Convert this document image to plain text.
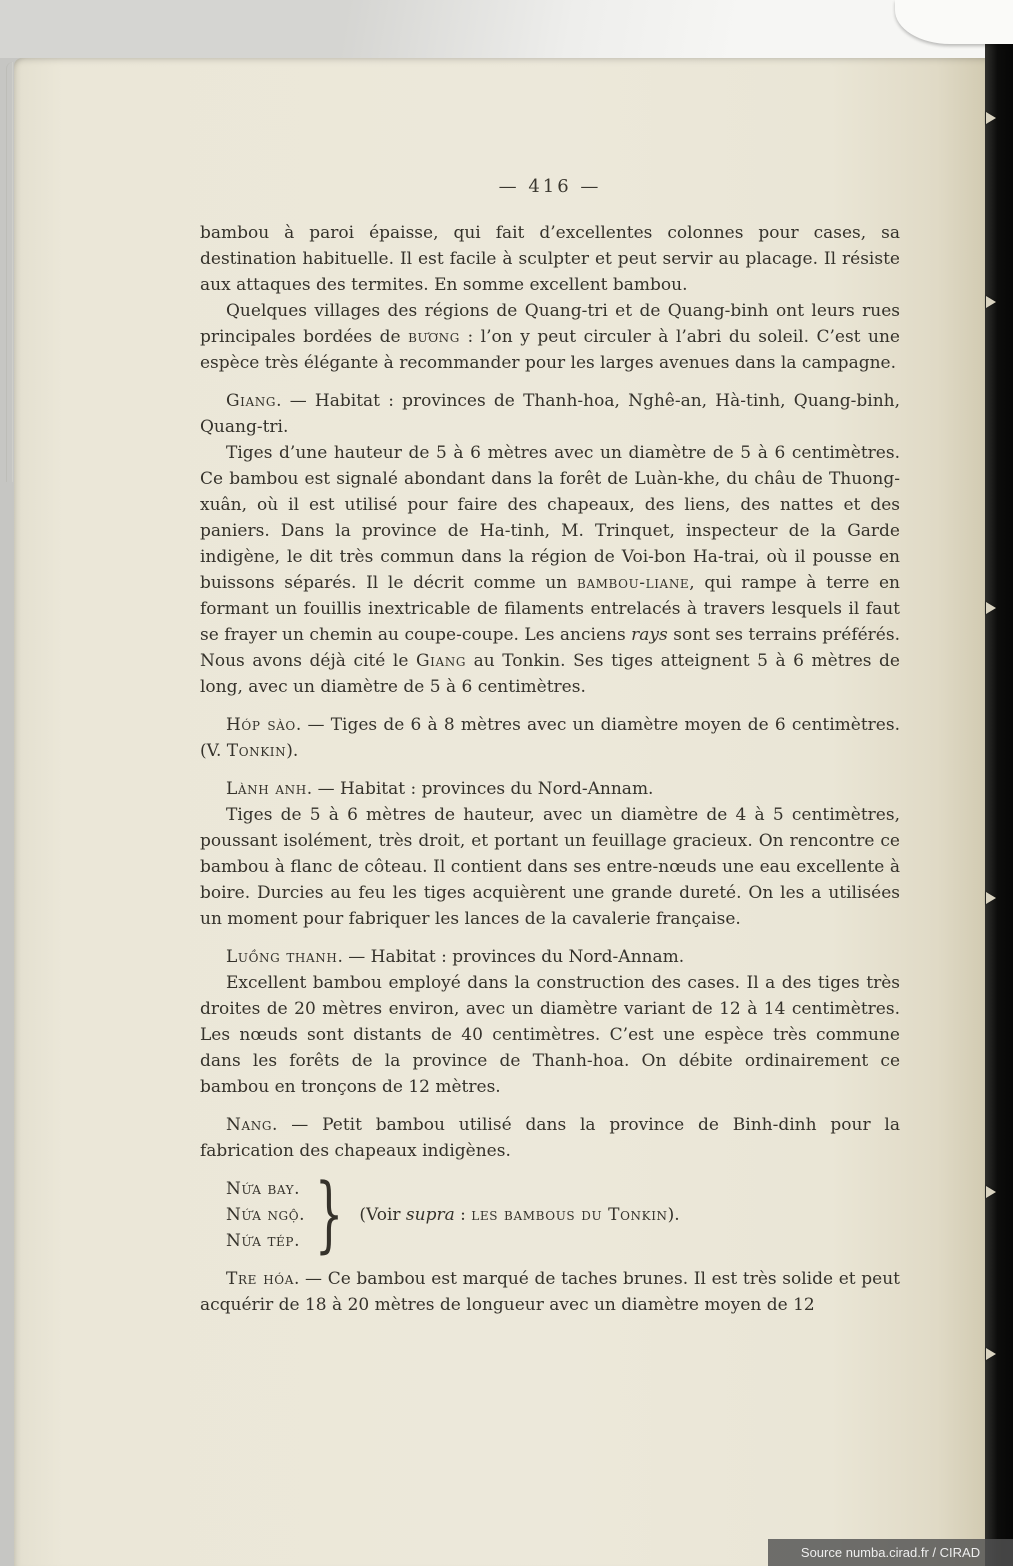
— 416 —

bambou à paroi épaisse, qui fait d’excellentes colonnes pour cases, sa destination habituelle. Il est facile à sculpter et peut servir au placage. Il résiste aux attaques des termites. En somme excellent bambou.

Quelques villages des régions de Quang-tri et de Quang-binh ont leurs rues principales bordées de bương : l’on y peut circuler à l’abri du soleil. C’est une espèce très élégante à recommander pour les larges avenues dans la campagne.

Giang. — Habitat : provinces de Thanh-hoa, Nghê-an, Hà-tinh, Quang-binh, Quang-tri.

Tiges d’une hauteur de 5 à 6 mètres avec un diamètre de 5 à 6 centimètres. Ce bambou est signalé abondant dans la forêt de Luàn-khe, du châu de Thuong-xuân, où il est utilisé pour faire des chapeaux, des liens, des nattes et des paniers. Dans la province de Ha-tinh, M. Trinquet, inspecteur de la Garde indigène, le dit très commun dans la région de Voi-bon Ha-trai, où il pousse en buissons séparés. Il le décrit comme un bambou-liane, qui rampe à terre en formant un fouillis inextricable de filaments entrelacés à travers lesquels il faut se frayer un chemin au coupe-coupe. Les anciens rays sont ses terrains préférés. Nous avons déjà cité le Giang au Tonkin. Ses tiges atteignent 5 à 6 mètres de long, avec un diamètre de 5 à 6 centimètres.

Hóp sào. — Tiges de 6 à 8 mètres avec un diamètre moyen de 6 centimètres. (V. Tonkin).

Lành anh. — Habitat : provinces du Nord-Annam.

Tiges de 5 à 6 mètres de hauteur, avec un diamètre de 4 à 5 centimètres, poussant isolément, très droit, et portant un feuillage gracieux. On rencontre ce bambou à flanc de côteau. Il contient dans ses entre-nœuds une eau excellente à boire. Durcies au feu les tiges acquièrent une grande dureté. On les a utilisées un moment pour fabriquer les lances de la cavalerie française.

Luồng thanh. — Habitat : provinces du Nord-Annam.

Excellent bambou employé dans la construction des cases. Il a des tiges très droites de 20 mètres environ, avec un diamètre variant de 12 à 14 centimètres. Les nœuds sont distants de 40 centimètres. C’est une espèce très commune dans les forêts de la province de Thanh-hoa. On débite ordinairement ce bambou en tronçons de 12 mètres.

Nang. — Petit bambou utilisé dans la province de Binh-dinh pour la fabrication des chapeaux indigènes.

Nứa bay.
Nứa ngộ.
Nứa tép. } (Voir supra : les bambous du Tonkin).

Tre hóa. — Ce bambou est marqué de taches brunes. Il est très solide et peut acquérir de 18 à 20 mètres de longueur avec un diamètre moyen de 12

Source numba.cirad.fr / CIRAD
